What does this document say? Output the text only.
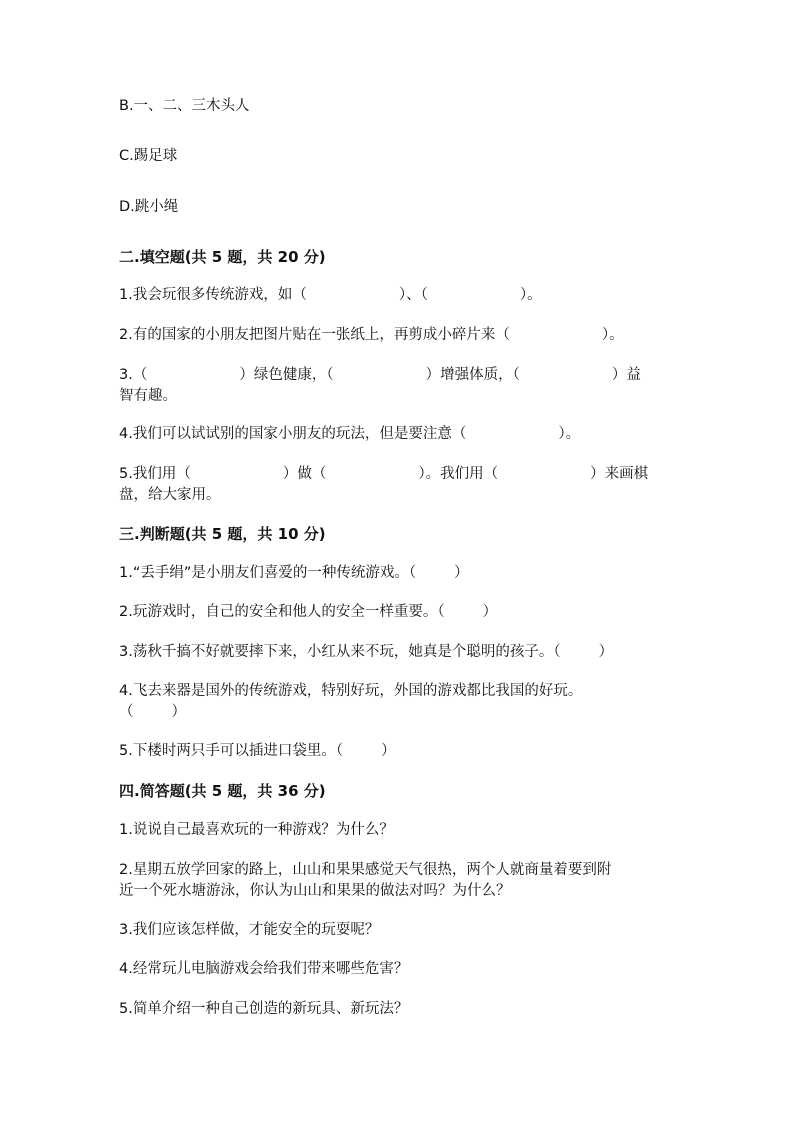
B.一、二、三木头人

C.踢足球

D.跳小绳

二.填空题(共 5 题，共 20 分)

1.我会玩很多传统游戏，如（	）、（	）。

2.有的国家的小朋友把图片贴在一张纸上，再剪成小碎片来（	）。

3.（	）绿色健康，（	）增强体质，（	）益

智有趣。

4.我们可以试试别的国家小朋友的玩法，但是要注意（	）。

5.我们用（	）做（	）。我们用（	）来画棋

盘，给大家用。

三.判断题(共 5 题，共 10 分)

1.“丢手绢”是小朋友们喜爱的一种传统游戏。（	）

2.玩游戏时，自己的安全和他人的安全一样重要。（	）

3.荡秋千搞不好就要摔下来，小红从来不玩，她真是个聪明的孩子。（	）

4.飞去来器是国外的传统游戏，特别好玩，外国的游戏都比我国的好玩。

（	）

5.下楼时两只手可以插进口袋里。（	）

四.简答题(共 5 题，共 36 分)

1.说说自己最喜欢玩的一种游戏？为什么？

2.星期五放学回家的路上，山山和果果感觉天气很热，两个人就商量着要到附

近一个死水塘游泳，你认为山山和果果的做法对吗？为什么？

3.我们应该怎样做，才能安全的玩耍呢？

4.经常玩儿电脑游戏会给我们带来哪些危害？

5.简单介绍一种自己创造的新玩具、新玩法？
